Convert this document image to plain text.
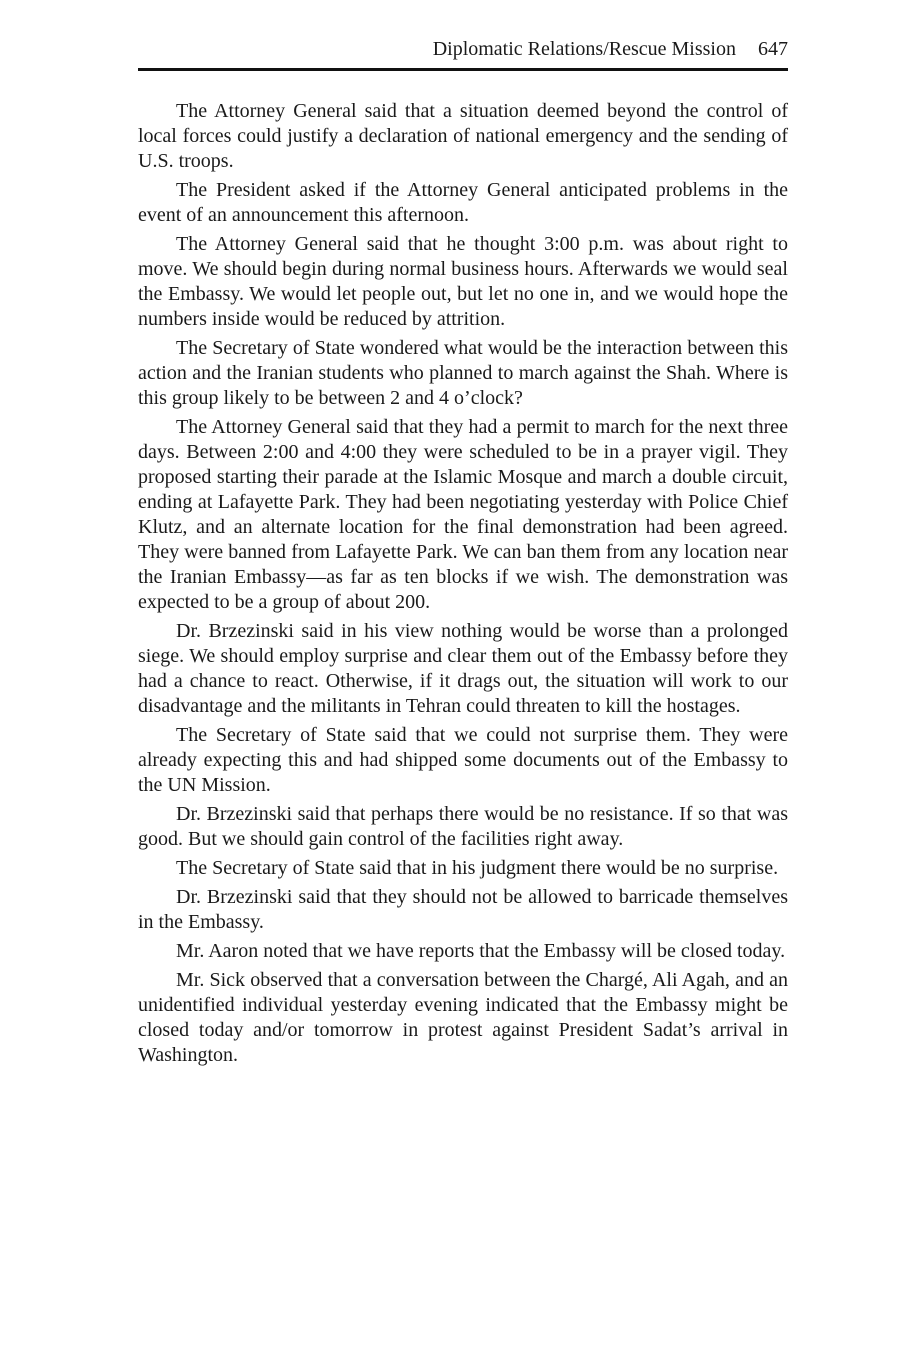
Diplomatic Relations/Rescue Mission 647

The Attorney General said that a situation deemed beyond the control of local forces could justify a declaration of national emergency and the sending of U.S. troops.

The President asked if the Attorney General anticipated problems in the event of an announcement this afternoon.

The Attorney General said that he thought 3:00 p.m. was about right to move. We should begin during normal business hours. Afterwards we would seal the Embassy. We would let people out, but let no one in, and we would hope the numbers inside would be reduced by attrition.

The Secretary of State wondered what would be the interaction between this action and the Iranian students who planned to march against the Shah. Where is this group likely to be between 2 and 4 o’clock?

The Attorney General said that they had a permit to march for the next three days. Between 2:00 and 4:00 they were scheduled to be in a prayer vigil. They proposed starting their parade at the Islamic Mosque and march a double circuit, ending at Lafayette Park. They had been negotiating yesterday with Police Chief Klutz, and an alternate location for the final demonstration had been agreed. They were banned from Lafayette Park. We can ban them from any location near the Iranian Embassy—as far as ten blocks if we wish. The demonstration was expected to be a group of about 200.

Dr. Brzezinski said in his view nothing would be worse than a prolonged siege. We should employ surprise and clear them out of the Embassy before they had a chance to react. Otherwise, if it drags out, the situation will work to our disadvantage and the militants in Tehran could threaten to kill the hostages.

The Secretary of State said that we could not surprise them. They were already expecting this and had shipped some documents out of the Embassy to the UN Mission.

Dr. Brzezinski said that perhaps there would be no resistance. If so that was good. But we should gain control of the facilities right away.

The Secretary of State said that in his judgment there would be no surprise.

Dr. Brzezinski said that they should not be allowed to barricade themselves in the Embassy.

Mr. Aaron noted that we have reports that the Embassy will be closed today.

Mr. Sick observed that a conversation between the Chargé, Ali Agah, and an unidentified individual yesterday evening indicated that the Embassy might be closed today and/or tomorrow in protest against President Sadat’s arrival in Washington.
